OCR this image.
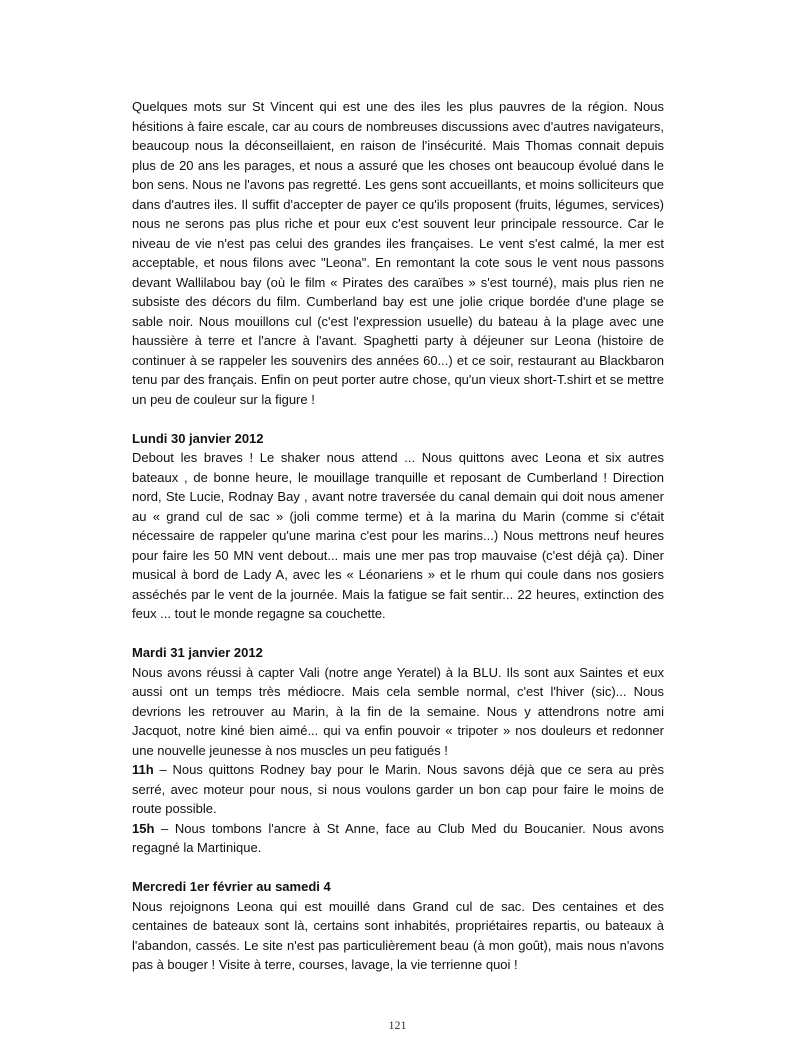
Quelques mots sur St Vincent qui est une des iles les plus pauvres de la région. Nous hésitions à faire escale, car au cours de nombreuses discussions avec d'autres navigateurs, beaucoup nous la déconseillaient, en raison de l'insécurité. Mais Thomas connait depuis plus de 20 ans les parages, et nous a assuré que les choses ont beaucoup évolué dans le bon sens. Nous ne l'avons pas regretté. Les gens sont accueillants, et moins solliciteurs que dans d'autres iles. Il suffit d'accepter de payer ce qu'ils proposent (fruits, légumes, services) nous ne serons pas plus riche et pour eux c'est souvent leur principale ressource. Car le niveau de vie n'est pas celui des grandes iles françaises. Le vent s'est calmé, la mer est acceptable, et nous filons avec "Leona". En remontant la cote sous le vent nous passons devant Wallilabou bay (où le film « Pirates des caraïbes » s'est tourné), mais plus rien ne subsiste des décors du film. Cumberland bay est une jolie crique bordée d'une plage se sable noir. Nous mouillons cul (c'est l'expression usuelle) du bateau à la plage avec une haussière à terre et l'ancre à l'avant. Spaghetti party à déjeuner sur Leona (histoire de continuer à se rappeler les souvenirs des années 60...) et ce soir, restaurant au Blackbaron tenu par des français. Enfin on peut porter autre chose, qu'un vieux short-T.shirt et se mettre un peu de couleur sur la figure !

Lundi 30 janvier 2012

Debout les braves ! Le shaker nous attend ... Nous quittons avec Leona et six autres bateaux , de bonne heure, le mouillage tranquille et reposant de Cumberland ! Direction nord, Ste Lucie, Rodnay Bay , avant notre traversée du canal demain qui doit nous amener au « grand cul de sac » (joli comme terme) et à la marina du Marin (comme si c'était nécessaire de rappeler qu'une marina c'est pour les marins...) Nous mettrons neuf heures pour faire les 50 MN vent debout... mais une mer pas trop mauvaise (c'est déjà ça). Diner musical à bord de Lady A, avec les « Léonariens » et le rhum qui coule dans nos gosiers asséchés par le vent de la journée. Mais la fatigue se fait sentir... 22 heures, extinction des feux ... tout le monde regagne sa couchette.

Mardi 31 janvier 2012

Nous avons réussi à capter Vali (notre ange Yeratel) à la BLU. Ils sont aux Saintes et eux aussi ont un temps très médiocre. Mais cela semble normal, c'est l'hiver (sic)... Nous devrions les retrouver au Marin, à la fin de la semaine. Nous y attendrons notre ami Jacquot, notre kiné bien aimé... qui va enfin pouvoir « tripoter » nos douleurs et redonner une nouvelle jeunesse à nos muscles un peu fatigués !

11h – Nous quittons Rodney bay pour le Marin. Nous savons déjà que ce sera au près serré, avec moteur pour nous, si nous voulons garder un bon cap pour faire le moins de route possible.

15h – Nous tombons l'ancre à St Anne, face au Club Med du Boucanier. Nous avons regagné la Martinique.

Mercredi 1er février au samedi 4

Nous rejoignons Leona qui est mouillé dans Grand cul de sac. Des centaines et des centaines de bateaux sont là, certains sont inhabités, propriétaires repartis, ou bateaux à l'abandon, cassés. Le site n'est pas particulièrement beau (à mon goût), mais nous n'avons pas à bouger ! Visite à terre, courses, lavage, la vie terrienne quoi !

121
